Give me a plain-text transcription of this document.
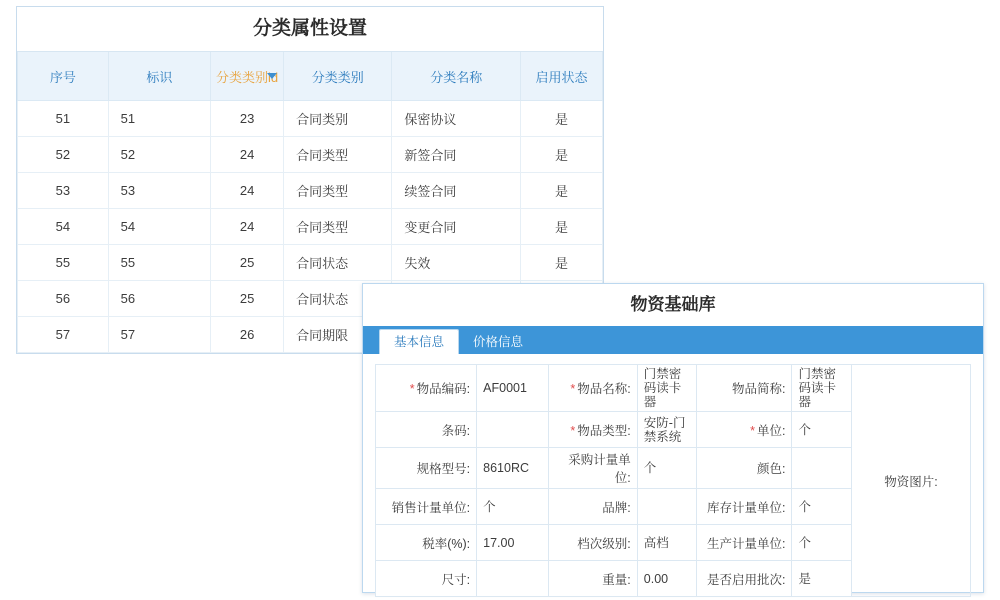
分类属性设置
序号	标识	分类类别id	分类类别	分类名称	启用状态
51	51	23	合同类别	保密协议	是
52	52	24	合同类型	新签合同	是
53	53	24	合同类型	续签合同	是
54	54	24	合同类型	变更合同	是
55	55	25	合同状态	失效	是
56	56	25	合同状态		
57	57	26	合同期限		
物资基础库
基本信息	价格信息
* 物品编码:	AF0001	* 物品名称:	门禁密码读卡器	物品简称:	门禁密码读卡器	物资图片:
条码:		* 物品类型:	安防-门禁系统	* 单位:	个	
规格型号:	8610RC	采购计量单位:	个	颜色:		
销售计量单位:	个	品牌:		库存计量单位:	个	
税率(%):	17.00	档次级别:	高档	生产计量单位:	个	
尺寸:		重量:	0.00	是否启用批次:	是	
